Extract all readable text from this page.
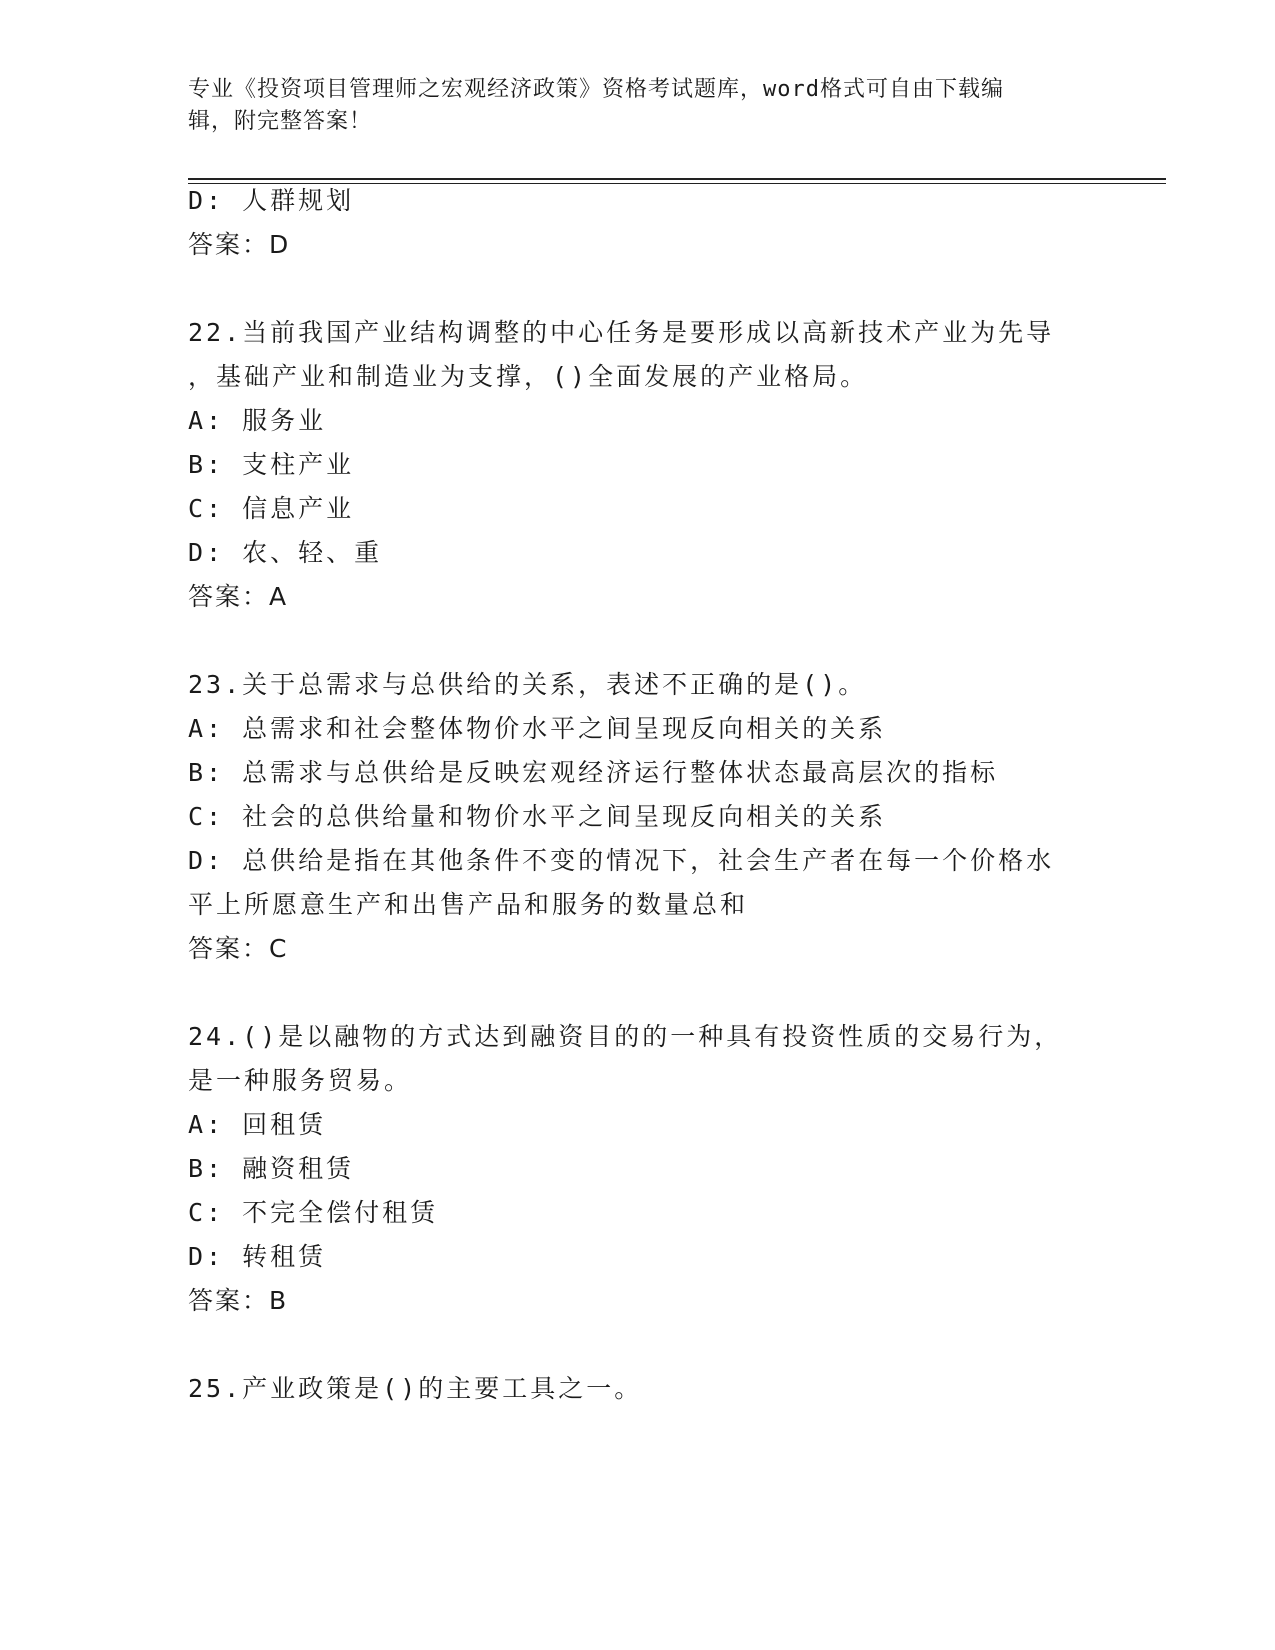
专业《投资项目管理师之宏观经济政策》资格考试题库，word格式可自由下载编
辑，附完整答案！
D: 人群规划
答案：D
22.当前我国产业结构调整的中心任务是要形成以高新技术产业为先导
，基础产业和制造业为支撑，()全面发展的产业格局。
A: 服务业
B: 支柱产业
C: 信息产业
D: 农、轻、重
答案：A
23.关于总需求与总供给的关系，表述不正确的是()。
A: 总需求和社会整体物价水平之间呈现反向相关的关系
B: 总需求与总供给是反映宏观经济运行整体状态最高层次的指标
C: 社会的总供给量和物价水平之间呈现反向相关的关系
D: 总供给是指在其他条件不变的情况下，社会生产者在每一个价格水
平上所愿意生产和出售产品和服务的数量总和
答案：C
24.()是以融物的方式达到融资目的的一种具有投资性质的交易行为，
是一种服务贸易。
A: 回租赁
B: 融资租赁
C: 不完全偿付租赁
D: 转租赁
答案：B
25.产业政策是()的主要工具之一。
